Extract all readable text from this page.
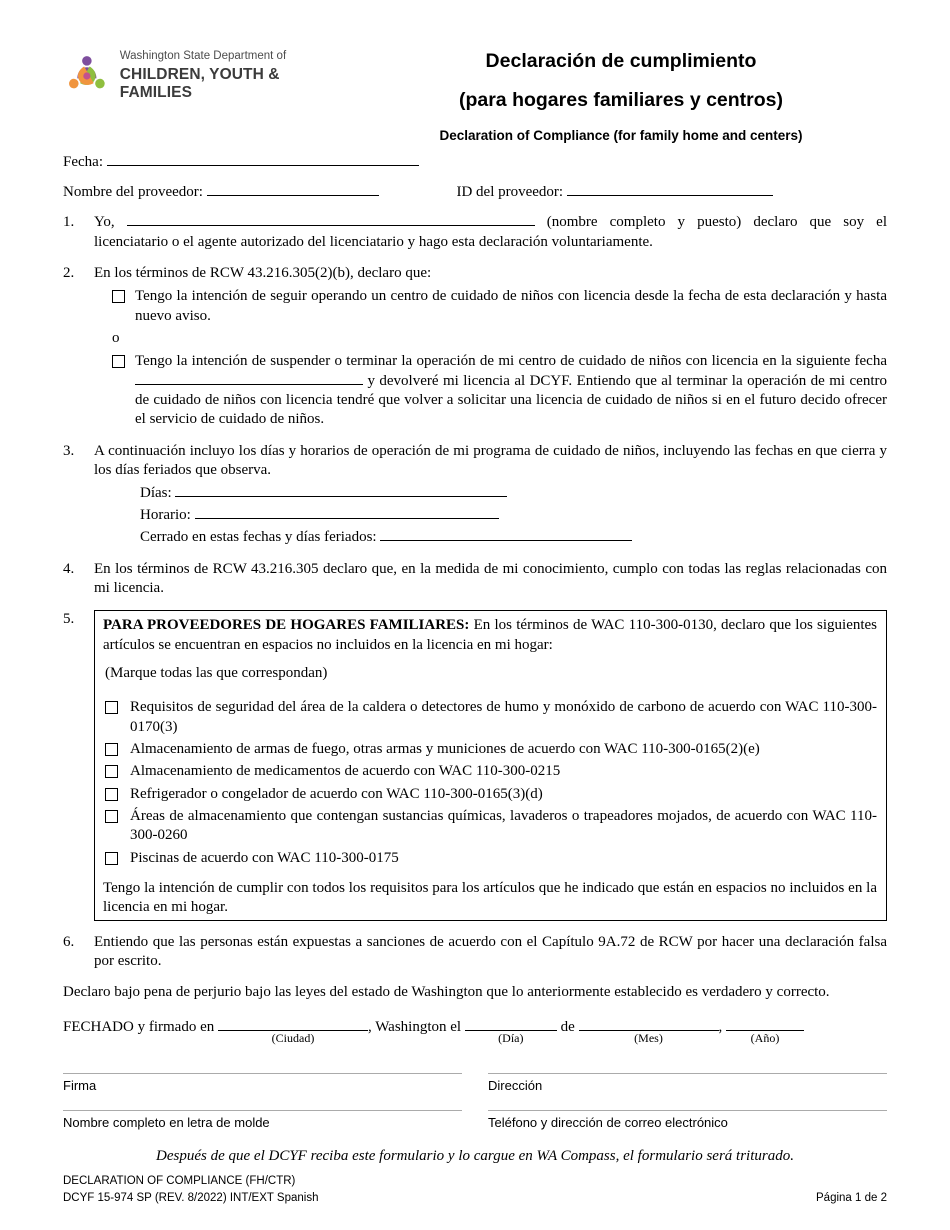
Washington State Department of
CHILDREN, YOUTH & FAMILIES
Declaración de cumplimiento
(para hogares familiares y centros)
Declaration of Compliance (for family home and centers)
Fecha:
Nombre del proveedor:	ID del proveedor:
1.	Yo,	(nombre completo y puesto) declaro que soy el licenciatario o el agente autorizado del licenciatario y hago esta declaración voluntariamente.

2.	En los términos de RCW 43.216.305(2)(b), declaro que:

Tengo la intención de seguir operando un centro de cuidado de niños con licencia desde la fecha de esta declaración y hasta nuevo aviso.

o

Tengo la intención de suspender o terminar la operación de mi centro de cuidado de niños con licencia en la siguiente fecha  y devolveré mi licencia al DCYF. Entiendo que al terminar la operación de mi centro de cuidado de niños con licencia tendré que volver a solicitar una licencia de cuidado de niños si en el futuro decido ofrecer el servicio de cuidado de niños.

3.	A continuación incluyo los días y horarios de operación de mi programa de cuidado de niños, incluyendo las fechas en que cierra y los días feriados que observa.

Días:
Horario:
Cerrado en estas fechas y días feriados:
4.	En los términos de RCW 43.216.305 declaro que, en la medida de mi conocimiento, cumplo con todas las reglas relacionadas con mi licencia.

5.	PARA PROVEEDORES DE HOGARES FAMILIARES: En los términos de WAC 110-300-0130, declaro que los siguientes artículos se encuentran en espacios no incluidos en la licencia en mi hogar:

(Marque todas las que correspondan)

Requisitos de seguridad del área de la caldera o detectores de humo y monóxido de carbono de acuerdo con WAC 110-300-0170(3)

Almacenamiento de armas de fuego, otras armas y municiones de acuerdo con WAC 110-300-0165(2)(e)

Almacenamiento de medicamentos de acuerdo con WAC 110-300-0215

Refrigerador o congelador de acuerdo con WAC 110-300-0165(3)(d)

Áreas de almacenamiento que contengan sustancias químicas, lavaderos o trapeadores mojados, de acuerdo con WAC 110-300-0260

Piscinas de acuerdo con WAC 110-300-0175

Tengo la intención de cumplir con todos los requisitos para los artículos que he indicado que están en espacios no incluidos en la licencia en mi hogar.

6.	Entiendo que las personas están expuestas a sanciones de acuerdo con el Capítulo 9A.72 de RCW por hacer una declaración falsa por escrito.

Declaro bajo pena de perjurio bajo las leyes del estado de Washington que lo anteriormente establecido es verdadero y correcto.

FECHADO y firmado en
(Ciudad)
, Washington el
(Día)
de
(Mes)
,
(Año)

Firma	Dirección
Nombre completo en letra de molde	Teléfono y dirección de correo electrónico

Después de que el DCYF reciba este formulario y lo cargue en WA Compass, el formulario será triturado.

DECLARATION OF COMPLIANCE (FH/CTR)
DCYF 15-974 SP (REV. 8/2022) INT/EXT Spanish	Página 1 de 2
